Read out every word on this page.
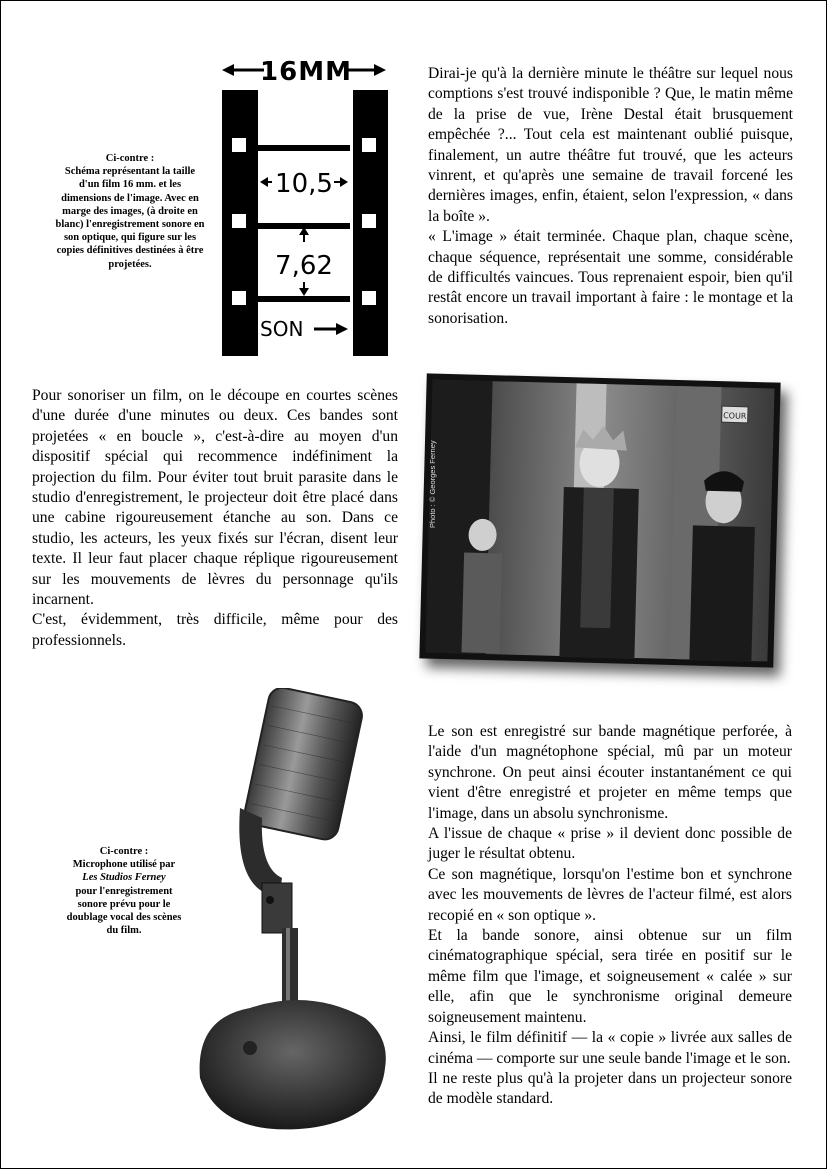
16MM
10,5
7,62
SON
Ci-contre :
Schéma représentant la taille d'un film 16 mm. et les dimensions de l'image. Avec en marge des images, (à droite en blanc) l'enregistrement sonore en son optique, qui figure sur les copies définitives destinées à être projetées.

Dirai-je qu'à la dernière minute le théâtre sur lequel nous comptions s'est trouvé indisponible ? Que, le matin même de la prise de vue, Irène Destal était brusquement empêchée ?... Tout cela est maintenant oublié puisque, finalement, un autre théâtre fut trouvé, que les acteurs vinrent, et qu'après une semaine de travail forcené les dernières images, enfin, étaient, selon l'expression, « dans la boîte ».

« L'image » était terminée. Chaque plan, chaque scène, chaque séquence, représentait une somme, considérable de difficultés vaincues. Tous reprenaient espoir, bien qu'il restât encore un travail important à faire : le montage et la sonorisation.

Pour sonoriser un film, on le découpe en courtes scènes d'une durée d'une minutes ou deux. Ces bandes sont projetées « en boucle », c'est-à-dire au moyen d'un dispositif spécial qui recommence indéfiniment la projection du film. Pour éviter tout bruit parasite dans le studio d'enregistrement, le projecteur doit être placé dans une cabine rigoureusement étanche au son. Dans ce studio, les acteurs, les yeux fixés sur l'écran, disent leur texte. Il leur faut placer chaque réplique rigoureusement sur les mouvements de lèvres du personnage qu'ils incarnent.

C'est, évidemment, très difficile, même pour des professionnels.

COUR
Photo : © Georges Ferney
Ci-contre :
Microphone utilisé par
Les Studios Ferney
pour l'enregistrement sonore prévu pour le doublage vocal des scènes du film.

Le son est enregistré sur bande magnétique perforée, à l'aide d'un magnétophone spécial, mû par un moteur synchrone. On peut ainsi écouter instantanément ce qui vient d'être enregistré et projeter en même temps que l'image, dans un absolu synchronisme.

A l'issue de chaque « prise » il devient donc possible de juger le résultat obtenu.

Ce son magnétique, lorsqu'on l'estime bon et synchrone avec les mouvements de lèvres de l'acteur filmé, est alors recopié en « son optique ».

Et la bande sonore, ainsi obtenue sur un film cinématographique spécial, sera tirée en positif sur le même film que l'image, et soigneusement « calée » sur elle, afin que le synchronisme original demeure soigneusement maintenu.

Ainsi, le film définitif — la « copie » livrée aux salles de cinéma — comporte sur une seule bande l'image et le son.

Il ne reste plus qu'à la projeter dans un projecteur sonore de modèle standard.
